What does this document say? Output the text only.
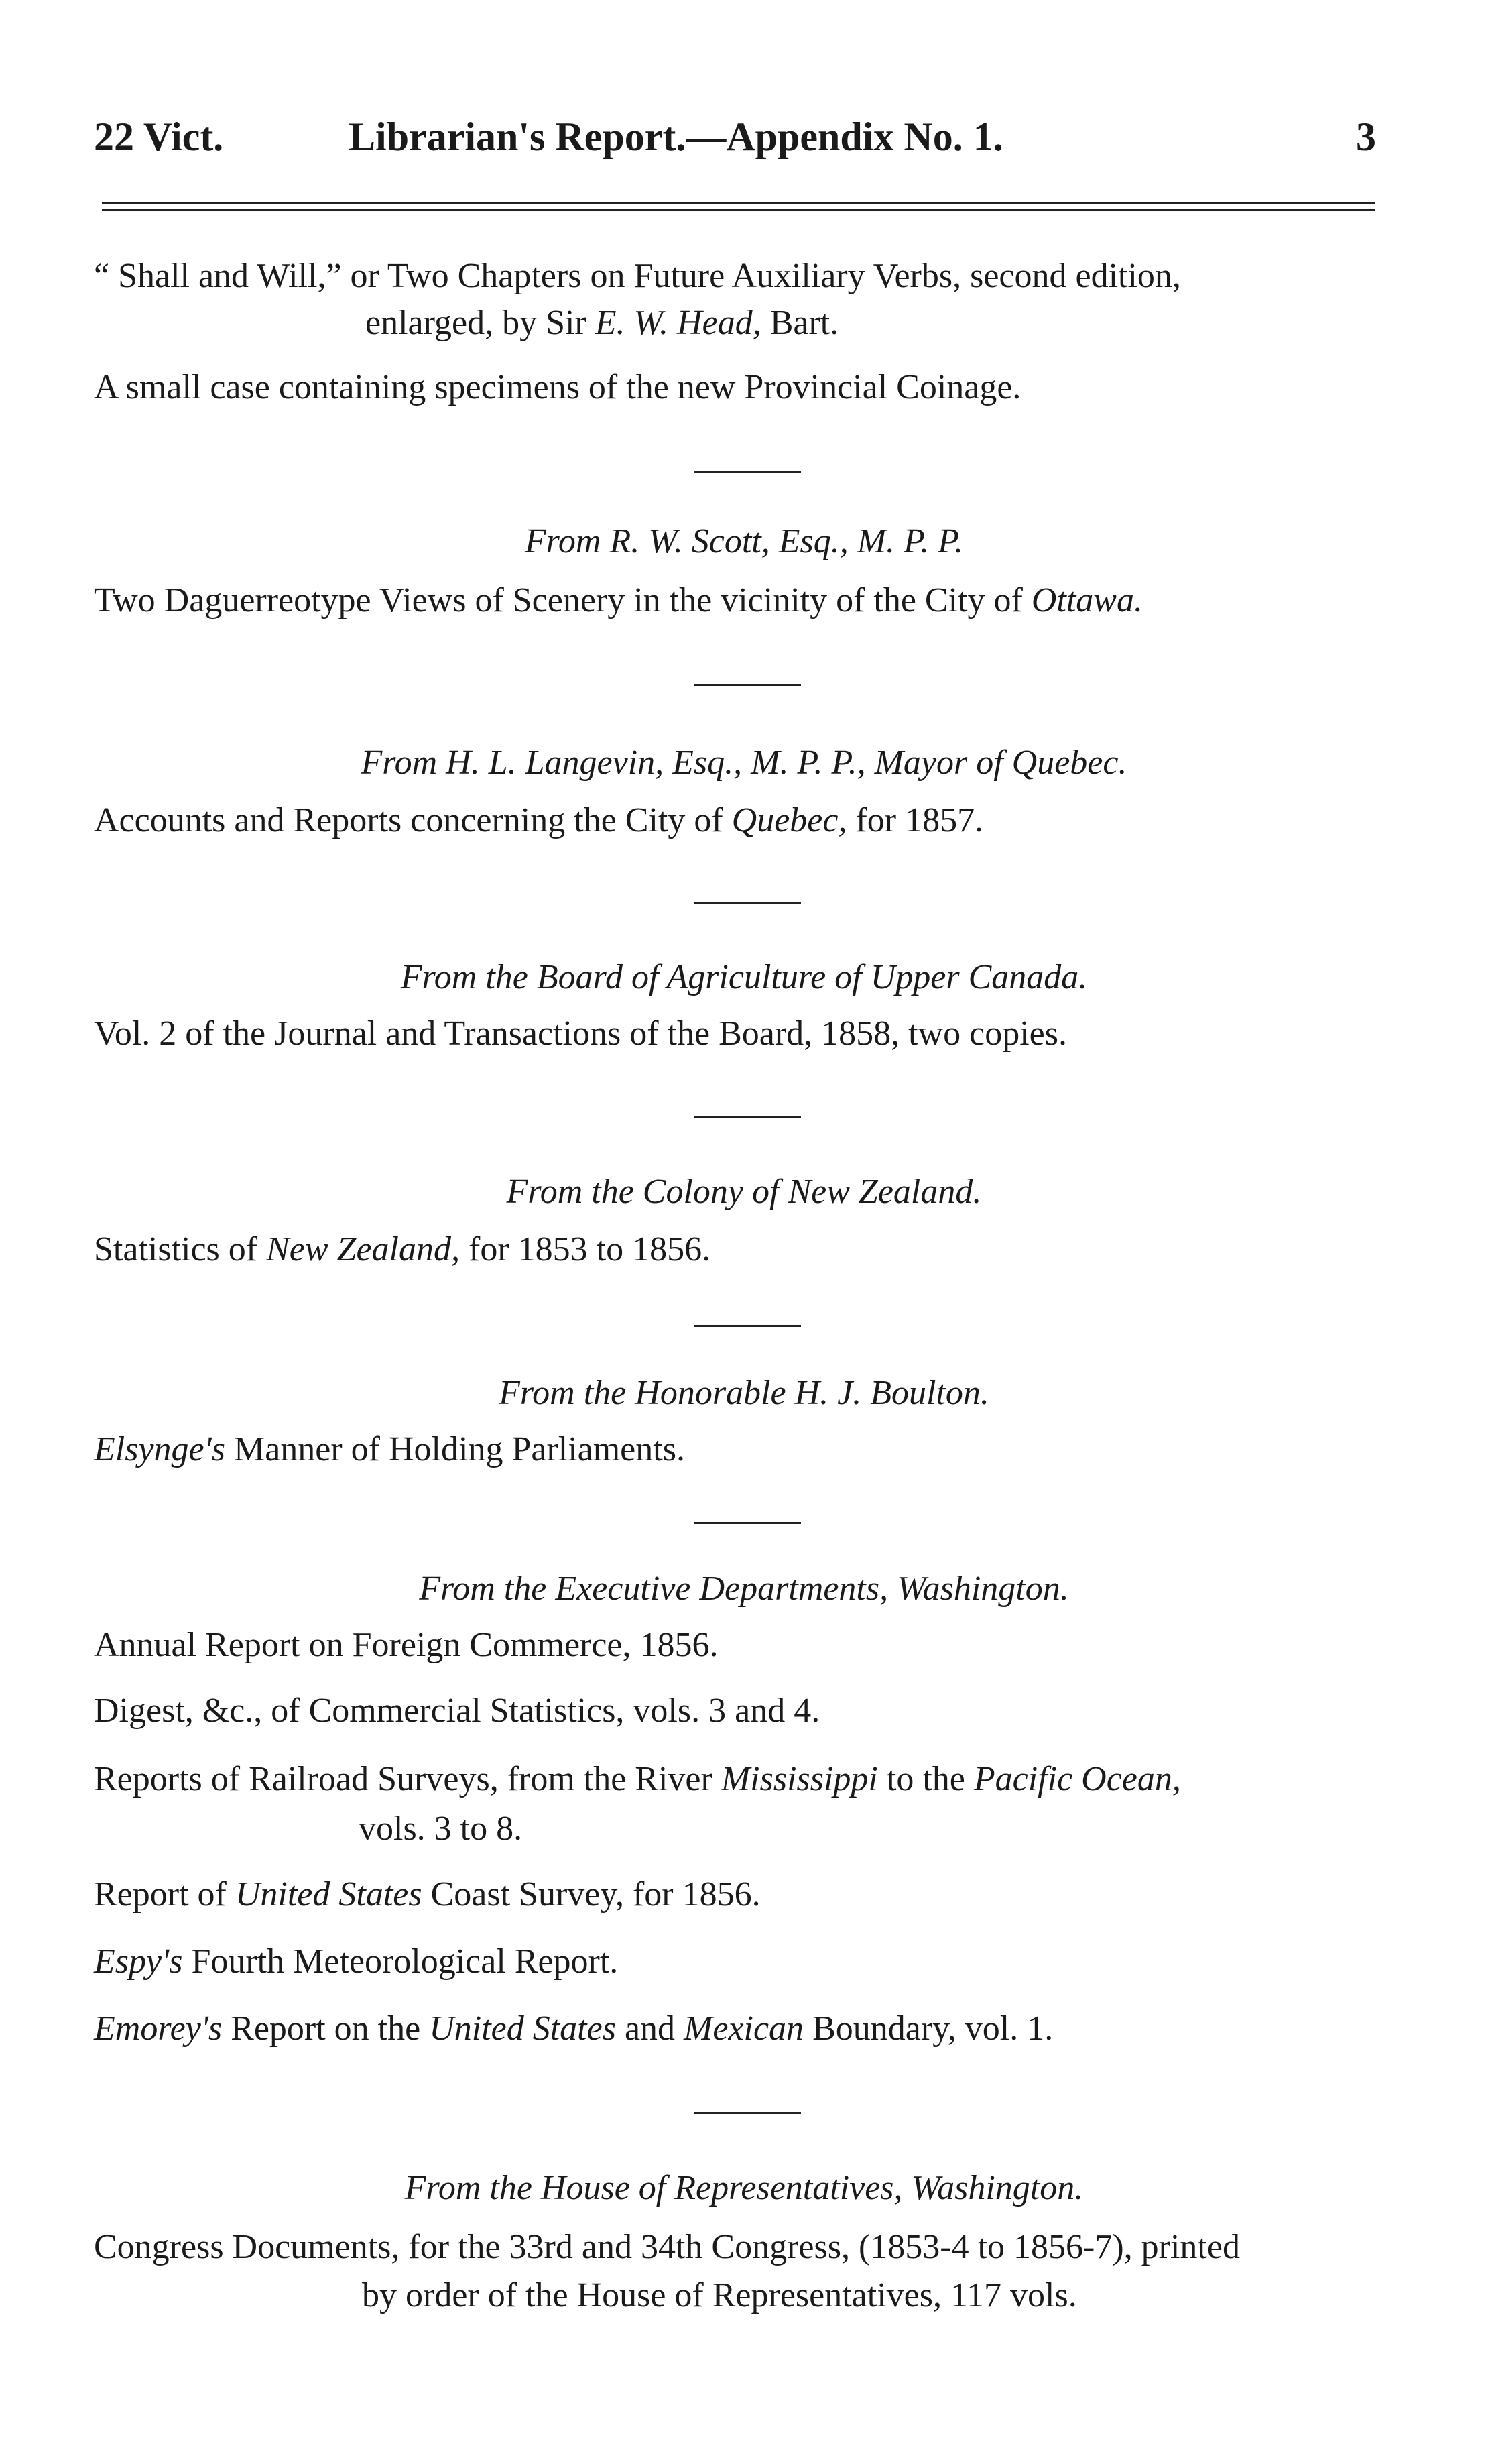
22 Vict.	Librarian's Report.—Appendix No. 1.	3
“ Shall and Will,” or Two Chapters on Future Auxiliary Verbs, second edition,
enlarged, by Sir E. W. Head, Bart.
A small case containing specimens of the new Provincial Coinage.
From R. W. Scott, Esq., M. P. P.
Two Daguerreotype Views of Scenery in the vicinity of the City of Ottawa.
From H. L. Langevin, Esq., M. P. P., Mayor of Quebec.
Accounts and Reports concerning the City of Quebec, for 1857.
From the Board of Agriculture of Upper Canada.
Vol. 2 of the Journal and Transactions of the Board, 1858, two copies.
From the Colony of New Zealand.
Statistics of New Zealand, for 1853 to 1856.
From the Honorable H. J. Boulton.
Elsynge's Manner of Holding Parliaments.
From the Executive Departments, Washington.
Annual Report on Foreign Commerce, 1856.
Digest, &c., of Commercial Statistics, vols. 3 and 4.
Reports of Railroad Surveys, from the River Mississippi to the Pacific Ocean,
vols. 3 to 8.
Report of United States Coast Survey, for 1856.
Espy's Fourth Meteorological Report.
Emorey's Report on the United States and Mexican Boundary, vol. 1.
From the House of Representatives, Washington.
Congress Documents, for the 33rd and 34th Congress, (1853-4 to 1856-7), printed
by order of the House of Representatives, 117 vols.
